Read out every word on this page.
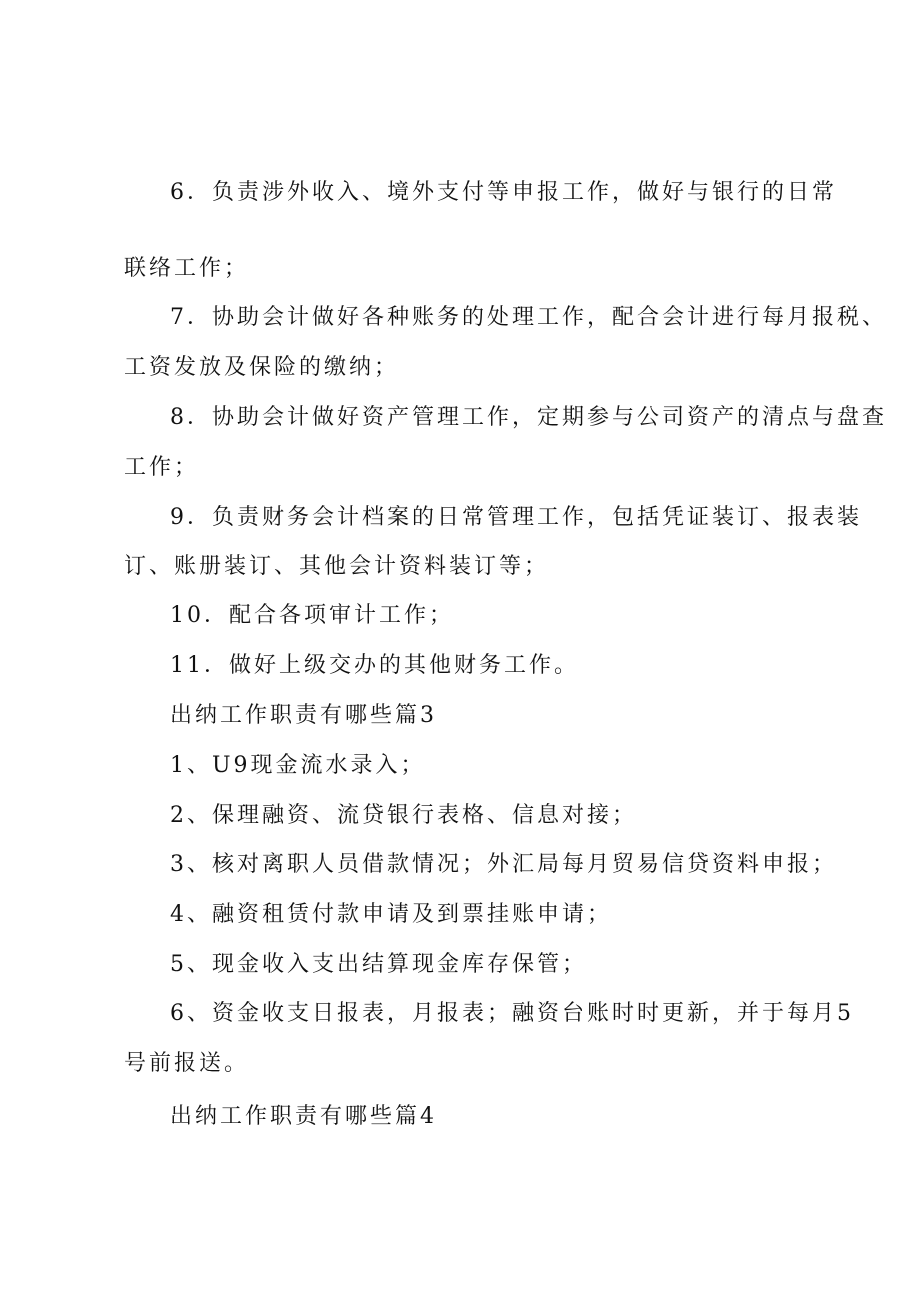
6．负责涉外收入、境外支付等申报工作，做好与银行的日常
联络工作；
7．协助会计做好各种账务的处理工作，配合会计进行每月报税、
工资发放及保险的缴纳；
8．协助会计做好资产管理工作，定期参与公司资产的清点与盘查
工作；
9．负责财务会计档案的日常管理工作，包括凭证装订、报表装
订、账册装订、其他会计资料装订等；
10．配合各项审计工作；
11．做好上级交办的其他财务工作。
出纳工作职责有哪些篇3
1、U9现金流水录入；
2、保理融资、流贷银行表格、信息对接；
3、核对离职人员借款情况；外汇局每月贸易信贷资料申报；
4、融资租赁付款申请及到票挂账申请；
5、现金收入支出结算现金库存保管；
6、资金收支日报表，月报表；融资台账时时更新，并于每月5
号前报送。
出纳工作职责有哪些篇4
